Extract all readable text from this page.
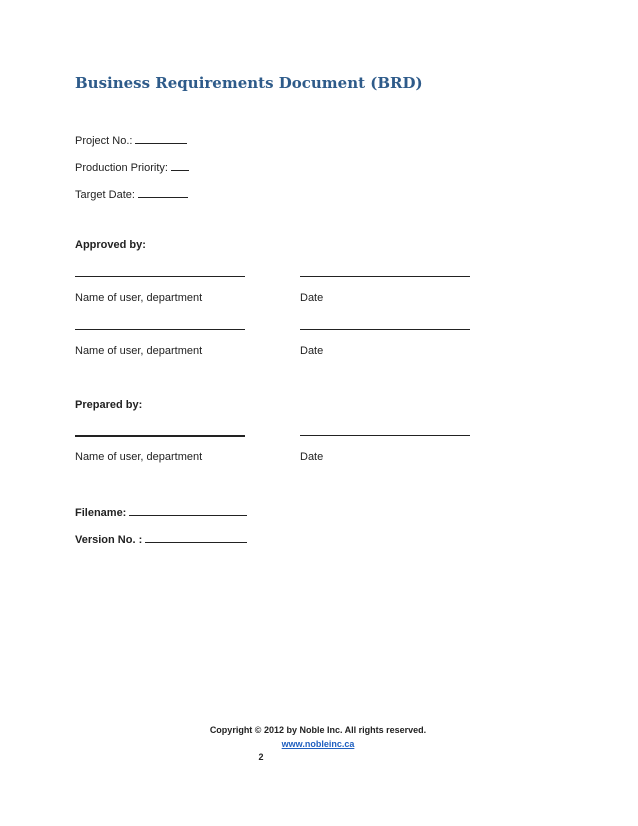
Business Requirements Document (BRD)
Project No.:
Production Priority:
Target Date:
Approved by:
Name of user, department	Date
Name of user, department	Date
Prepared by:
Name of user, department	Date
Filename:
Version No. :
Copyright © 2012 by Noble Inc. All rights reserved.
www.nobleinc.ca
2
